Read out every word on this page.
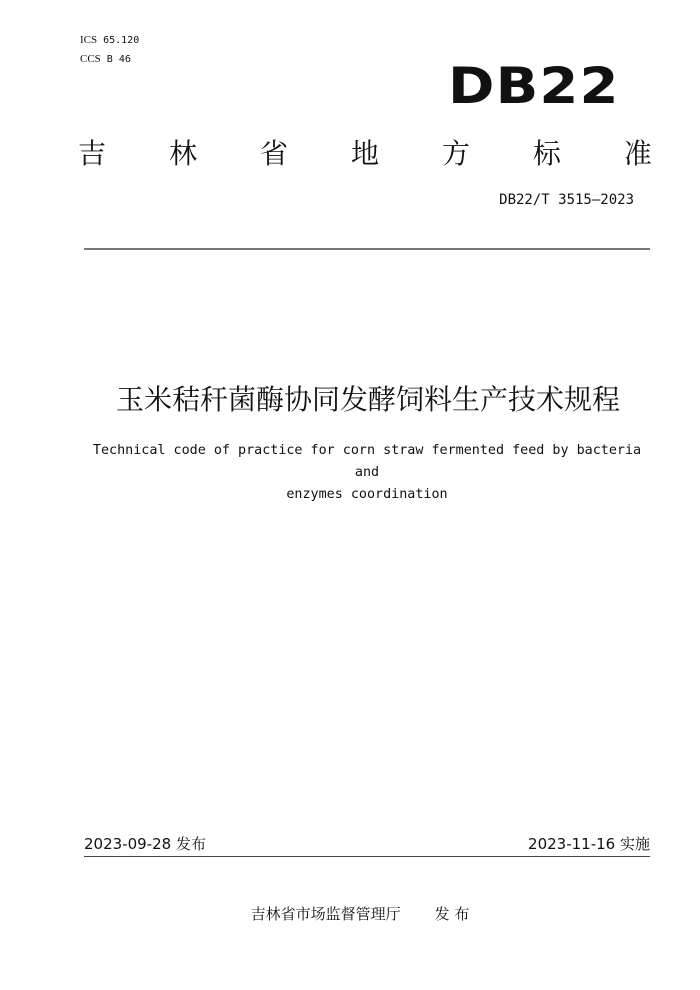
ICS 65.120
CCS B 46	DB22
吉 林 省 地 方 标 准
DB22/T 3515—2023
玉米秸秆菌酶协同发酵饲料生产技术规程
Technical code of practice for corn straw fermented feed by bacteria and
enzymes coordination
2023-09-28 发布	2023-11-16 实施
吉林省市场监督管理厅 发 布
